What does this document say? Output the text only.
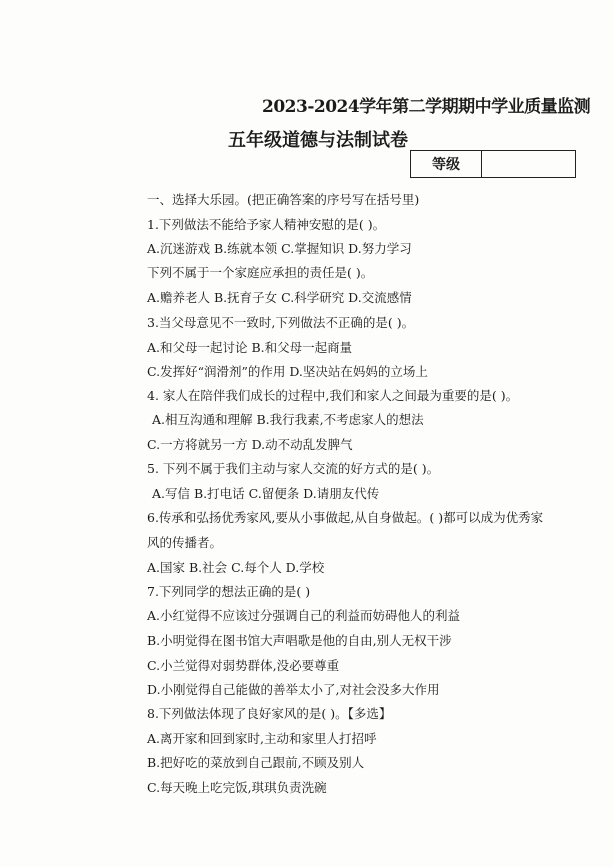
2023-2024学年第二学期期中学业质量监测
五年级道德与法制试卷
等级
一、选择大乐园。(把正确答案的序号写在括号里)
1.下列做法不能给予家人精神安慰的是( )。
A.沉迷游戏 B.练就本领 C.掌握知识 D.努力学习
下列不属于一个家庭应承担的责任是( )。
A.赡养老人 B.抚育子女 C.科学研究 D.交流感情
3.当父母意见不一致时,下列做法不正确的是( )。
A.和父母一起讨论 B.和父母一起商量
C.发挥好“润滑剂”的作用 D.坚决站在妈妈的立场上
4. 家人在陪伴我们成长的过程中,我们和家人之间最为重要的是( )。
A.相互沟通和理解 B.我行我素,不考虑家人的想法
C.一方将就另一方 D.动不动乱发脾气
5. 下列不属于我们主动与家人交流的好方式的是( )。
A.写信 B.打电话 C.留便条 D.请朋友代传
6.传承和弘扬优秀家风,要从小事做起,从自身做起。( )都可以成为优秀家
风的传播者。
A.国家 B.社会 C.每个人 D.学校
7.下列同学的想法正确的是( )
A.小红觉得不应该过分强调自己的利益而妨碍他人的利益
B.小明觉得在图书馆大声唱歌是他的自由,别人无权干涉
C.小兰觉得对弱势群体,没必要尊重
D.小刚觉得自己能做的善举太小了,对社会没多大作用
8.下列做法体现了良好家风的是( )。【多选】
A.离开家和回到家时,主动和家里人打招呼
B.把好吃的菜放到自己跟前,不顾及别人
C.每天晚上吃完饭,琪琪负责洗碗
